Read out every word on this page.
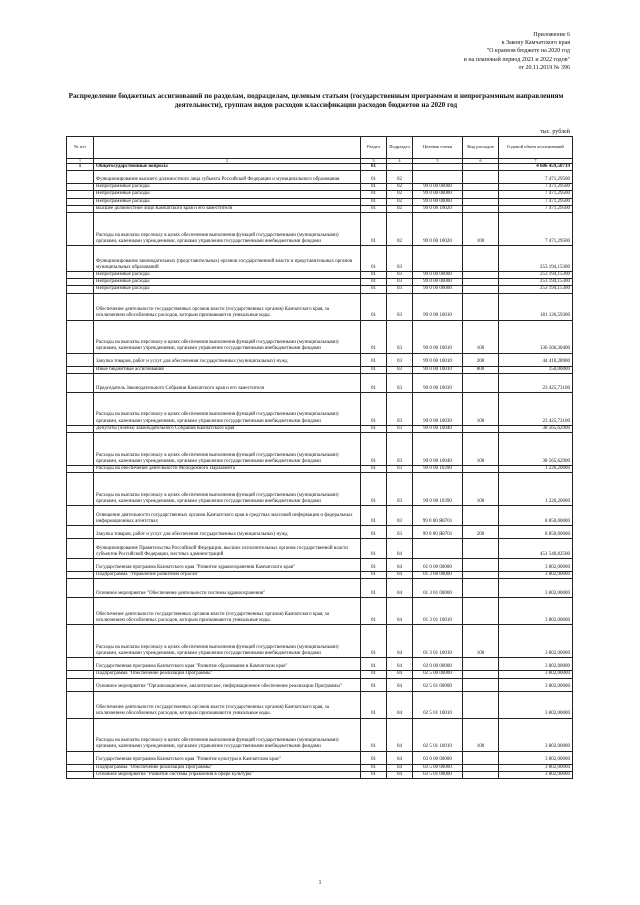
Приложение 6
к Закону Камчатского края
"О краевом бюджете на 2020 год
и на плановый период 2021 и 2022 годов"
от 20.11.2019 № 396
Распределение бюджетных ассигнований по разделам, подразделам, целевым статьям (государственным программам и непрограммным направлениям деятельности), группам видов расходов классификации расходов бюджетов на 2020 год
тыс. рублей
№ п/п		Раздел	Подраздел	Целевая статья	Вид расходов	Годовой объем ассигнований
1	2	3	4	5	6	7
1	Общегосударственные вопросы	01				4 606 459,58719
	Функционирование высшего должностного лица субъекта Российской Федерации и муниципального образования	01	02			7 471,29500
	Непрограммные расходы	01	02	99 0 00 00000		7 471,29500
	Непрограммные расходы	01	02	99 0 00 00000		7 471,29500
	Непрограммные расходы	01	02	99 0 00 00000		7 471,29500
	Высшее должностное лицо Камчатского края и его заместители	01	02	99 0 00 10020		7 471,29500
	Расходы на выплаты персоналу в целях обеспечения выполнения функций государственными (муниципальными) органами, казенными учреждениями, органами управления государственными внебюджетными фондами	01	02	99 0 00 10020	100	7 471,29500
	Функционирование законодательных (представительных) органов государственной власти и представительных органов муниципальных образований	01	03			253 194,15300
	Непрограммные расходы	01	03	99 0 00 00000		253 194,15300
	Непрограммные расходы	01	03	99 0 00 00000		253 194,15300
	Непрограммные расходы	01	03	99 0 00 00000		253 194,15300
	Обеспечение деятельности государственных органов власти (государственных органов) Камчатского края, за исключением обособленных расходов, которым присваиваются уникальные коды.	01	03	99 0 00 10010		181 126,59300
	Расходы на выплаты персоналу в целях обеспечения выполнения функций государственными (муниципальными) органами, казенными учреждениями, органами управления государственными внебюджетными фондами	01	03	99 0 00 10010	100	136 566,30400
	Закупка товаров, работ и услуг для обеспечения государственных (муниципальных) нужд	01	03	99 0 00 10010	200	44 410,28900
	Иные бюджетные ассигнования	01	03	99 0 00 10010	800	150,00000
	Председатель Законодательного Собрания Камчатского края и его заместители	01	03	99 0 00 10030		23 425,73100
	Расходы на выплаты персоналу в целях обеспечения выполнения функций государственными (муниципальными) органами, казенными учреждениями, органами управления государственными внебюджетными фондами	01	03	99 0 00 10030	100	23 425,73100
	Депутаты (члены) Законодательного Собрания Камчатского края	01	03	99 0 00 10040		38 565,62900
	Расходы на выплаты персоналу в целях обеспечения выполнения функций государственными (муниципальными) органами, казенными учреждениями, органами управления государственными внебюджетными фондами	01	03	99 0 00 10040	100	38 565,62900
	Расходы на обеспечение деятельности Молодежного Парламента	01	03	99 0 00 10390		1 226,20000
	Расходы на выплаты персоналу в целях обеспечения выполнения функций государственными (муниципальными) органами, казенными учреждениями, органами управления государственными внебюджетными фондами	01	03	99 0 00 10390	100	1 226,20000
	Освещение деятельности государственных органов Камчатского края в средствах массовой информации и федеральных информационных агентствах	01	03	99 0 00 Я8701		8 850,00000
	Закупка товаров, работ и услуг для обеспечения государственных (муниципальных) нужд	01	03	99 0 00 Я8701	200	8 850,00000
	Функционирование Правительства Российской Федерации, высших исполнительных органов государственной власти субъектов Российской Федерации, местных администраций	01	04			451 540,82500
	Государственная программа Камчатского края "Развитие здравоохранения Камчатского края"	01	04	01 0 00 00000		3 802,00000
	Подпрограмма "Управление развитием отрасли"	01	04	01 3 00 00000		3 802,00000
	Основное мероприятие "Обеспечение деятельности системы здравоохранения"	01	04	01 3 01 00000		3 802,00000
	Обеспечение деятельности государственных органов власти (государственных органов) Камчатского края, за исключением обособленных расходов, которым присваиваются уникальные коды.	01	04	01 3 01 10010		3 802,00000
	Расходы на выплаты персоналу в целях обеспечения выполнения функций государственными (муниципальными) органами, казенными учреждениями, органами управления государственными внебюджетными фондами	01	04	01 3 01 10010	100	3 802,00000
	Государственная программа Камчатского края "Развитие образования в Камчатском крае"	01	04	02 0 00 00000		3 802,00000
	Подпрограмма "Обеспечение реализации Программы"	01	04	02 5 00 00000		3 802,00000
	Основное мероприятие "Организационное, аналитическое, информационное обеспечение реализации Программы"	01	04	02 5 01 00000		3 802,00000
	Обеспечение деятельности государственных органов власти (государственных органов) Камчатского края, за исключением обособленных расходов, которым присваиваются уникальные коды.	01	04	02 5 01 10010		3 802,00000
	Расходы на выплаты персоналу в целях обеспечения выполнения функций государственными (муниципальными) органами, казенными учреждениями, органами управления государственными внебюджетными фондами	01	04	02 5 01 10010	100	3 802,00000
	Государственная программа Камчатского края "Развитие культуры в Камчатском крае"	01	04	03 0 00 00000		3 802,00000
	Подпрограмма "Обеспечение реализации Программы"	01	04	03 5 00 00000		3 802,00000
	Основное мероприятие "Развитие системы управления в сфере культуры"	01	04	03 5 01 00000		3 802,00000
1
